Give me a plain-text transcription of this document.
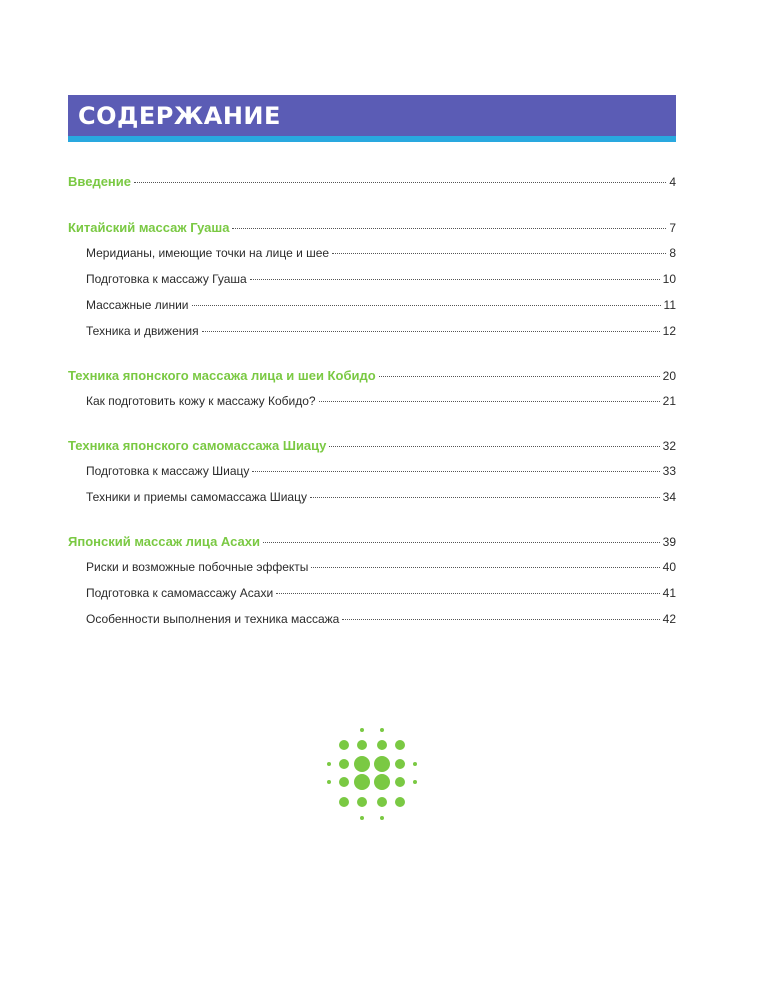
СОДЕРЖАНИЕ
Введение	4
Китайский массаж Гуаша	7
Меридианы, имеющие точки на лице и шее	8
Подготовка к массажу Гуаша	10
Массажные линии	11
Техника и движения	12
Техника японского массажа лица и шеи Кобидо	20
Как подготовить кожу к массажу Кобидо?	21
Техника японского самомассажа Шиацу	32
Подготовка к массажу Шиацу	33
Техники и приемы самомассажа Шиацу	34
Японский массаж лица Асахи	39
Риски и возможные побочные эффекты	40
Подготовка к самомассажу Асахи	41
Особенности выполнения и техника массажа	42
